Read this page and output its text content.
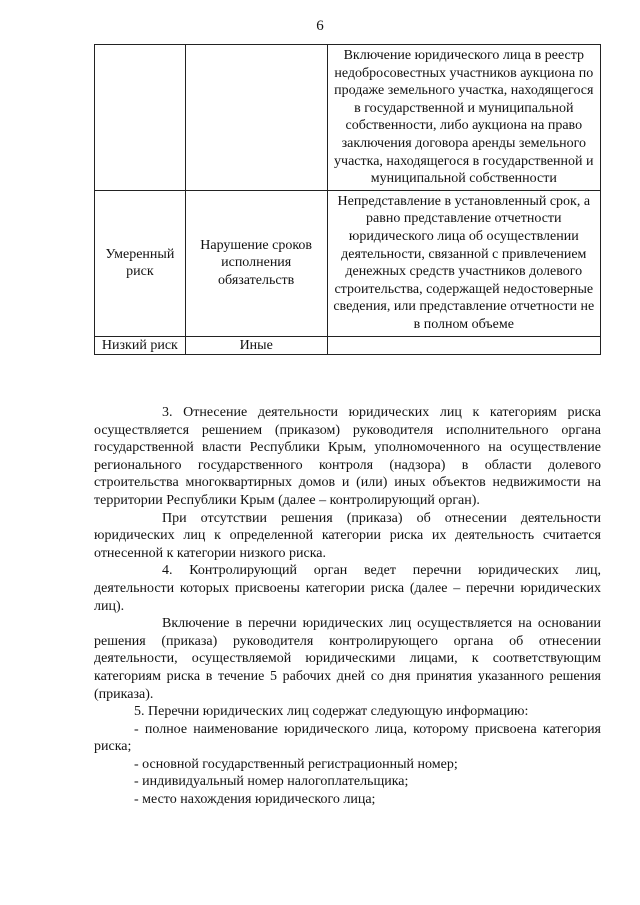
6
		Включение юридического лица в реестр недобросовестных участников аукциона по продаже земельного участка, находящегося в государственной и муниципальной собственности, либо аукциона на право заключения договора аренды земельного участка, находящегося в государственной и муниципальной собственности
Умеренный риск	Нарушение сроков исполнения обязательств	Непредставление в установленный срок, а равно представление отчетности юридического лица об осуществлении деятельности, связанной с привлечением денежных средств участников долевого строительства, содержащей недостоверные сведения, или представление отчетности не в полном объеме
Низкий риск	Иные	

3. Отнесение деятельности юридических лиц к категориям риска осуществляется решением (приказом) руководителя исполнительного органа государственной власти Республики Крым, уполномоченного на осуществление регионального государственного контроля (надзора) в области долевого строительства многоквартирных домов и (или) иных объектов недвижимости на территории Республики Крым (далее – контролирующий орган).

При отсутствии решения (приказа) об отнесении деятельности юридических лиц к определенной категории риска их деятельность считается отнесенной к категории низкого риска.

4. Контролирующий орган ведет перечни юридических лиц, деятельности которых присвоены категории риска (далее – перечни юридических лиц).

Включение в перечни юридических лиц осуществляется на основании решения (приказа) руководителя контролирующего органа об отнесении деятельности, осуществляемой юридическими лицами, к соответствующим категориям риска в течение 5 рабочих дней со дня принятия указанного решения (приказа).

5. Перечни юридических лиц содержат следующую информацию:

- полное наименование юридического лица, которому присвоена категория риска;

- основной государственный регистрационный номер;

- индивидуальный номер налогоплательщика;

- место нахождения юридического лица;
